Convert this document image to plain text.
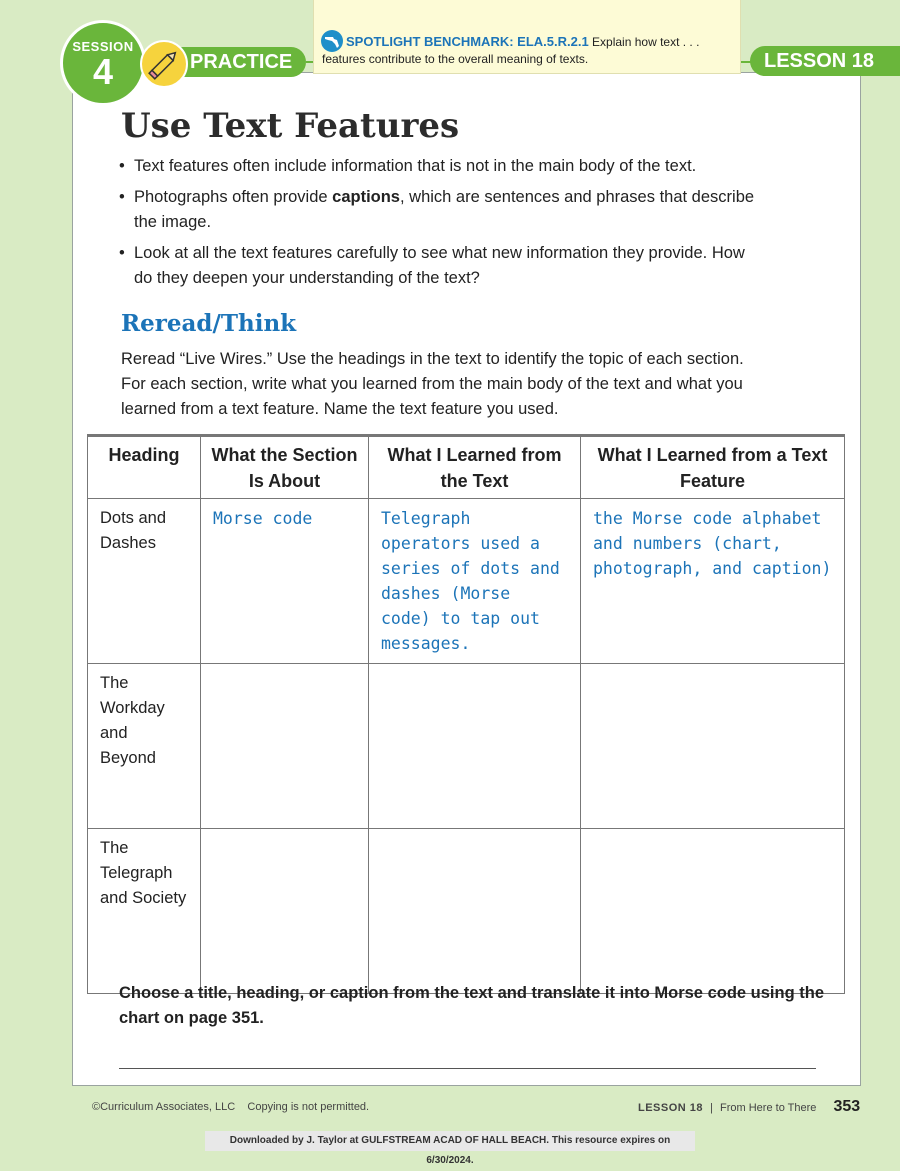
SESSION
4	PRACTICE
SPOTLIGHT BENCHMARK: ELA.5.R.2.1 Explain how text . . .
features contribute to the overall meaning of texts.	LESSON 18
Use Text Features
• Text features often include information that is not in the main body of the text.
• Photographs often provide captions, which are sentences and phrases that describe the image.
• Look at all the text features carefully to see what new information they provide. How do they deepen your understanding of the text?
Reread/Think

Reread “Live Wires.” Use the headings in the text to identify the topic of each section. For each section, write what you learned from the main body of the text and what you learned from a text feature. Name the text feature you used.

Heading	What the Section Is About	What I Learned from the Text	What I Learned from a Text Feature
Dots and Dashes	Morse code	Telegraph operators used a series of dots and dashes (Morse code) to tap out messages.	the Morse code alphabet and numbers (chart, photograph, and caption)
The Workday and Beyond			
The Telegraph and Society			

Choose a title, heading, or caption from the text and translate it into Morse code using the chart on page 351.

©Curriculum Associates, LLC    Copying is not permitted.	LESSON 18 | From Here to There 353
Downloaded by J. Taylor at GULFSTREAM ACAD OF HALL BEACH. This resource expires on 6/30/2024.
